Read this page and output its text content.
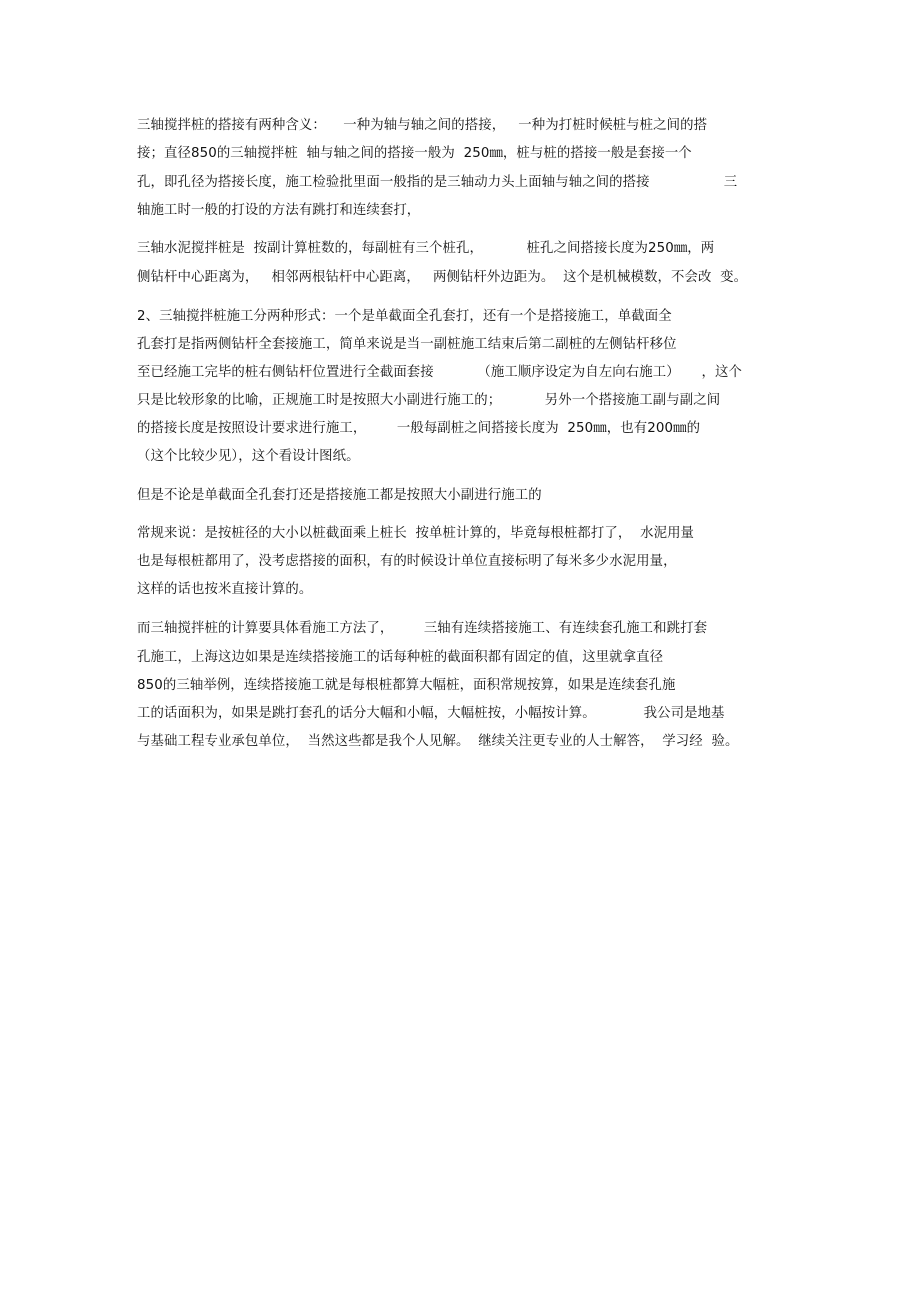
三轴搅拌桩的搭接有两种含义：    一种为轴与轴之间的搭接，   一种为打桩时候桩与桩之间的搭
接；直径850的三轴搅拌桩  轴与轴之间的搭接一般为  250㎜，桩与桩的搭接一般是套接一个
孔，即孔径为搭接长度，施工检验批里面一般指的是三轴动力头上面轴与轴之间的搭接                 三
轴施工时一般的打设的方法有跳打和连续套打，
三轴水泥搅拌桩是  按副计算桩数的，每副桩有三个桩孔，          桩孔之间搭接长度为250㎜，两
侧钻杆中心距离为，   相邻两根钻杆中心距离，   两侧钻杆外边距为。  这个是机械模数，不会改  变。
2、三轴搅拌桩施工分两种形式：一个是单截面全孔套打，还有一个是搭接施工，单截面全
孔套打是指两侧钻杆全套接施工，简单来说是当一副桩施工结束后第二副桩的左侧钻杆移位
至已经施工完毕的桩右侧钻杆位置进行全截面套接          （施工顺序设定为自左向右施工）     ，这个
只是比较形象的比喻，正规施工时是按照大小副进行施工的；          另外一个搭接施工副与副之间
的搭接长度是按照设计要求进行施工，       一般每副桩之间搭接长度为  250㎜，也有200㎜的
（这个比较少见），这个看设计图纸。
但是不论是单截面全孔套打还是搭接施工都是按照大小副进行施工的
常规来说：是按桩径的大小以桩截面乘上桩长  按单桩计算的，毕竟每根桩都打了，  水泥用量
也是每根桩都用了，没考虑搭接的面积，有的时候设计单位直接标明了每米多少水泥用量，
这样的话也按米直接计算的。
而三轴搅拌桩的计算要具体看施工方法了，       三轴有连续搭接施工、有连续套孔施工和跳打套
孔施工，上海这边如果是连续搭接施工的话每种桩的截面积都有固定的值，这里就拿直径
850的三轴举例，连续搭接施工就是每根桩都算大幅桩，面积常规按算，如果是连续套孔施
工的话面积为，如果是跳打套孔的话分大幅和小幅，大幅桩按，小幅按计算。           我公司是地基
与基础工程专业承包单位，  当然这些都是我个人见解。  继续关注更专业的人士解答，  学习经  验。
